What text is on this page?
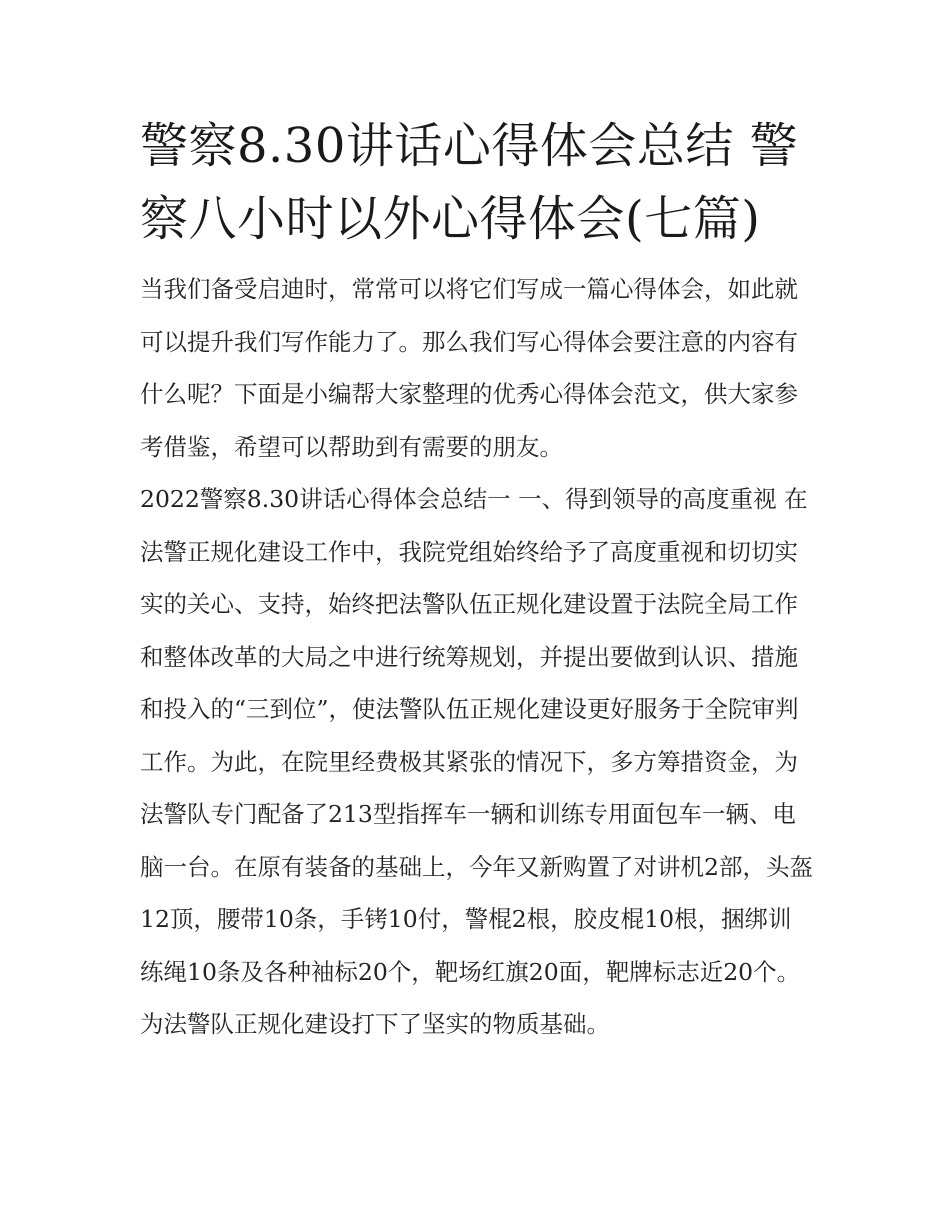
警察8.30讲话心得体会总结 警察八小时以外心得体会(七篇)

当我们备受启迪时，常常可以将它们写成一篇心得体会，如此就可以提升我们写作能力了。那么我们写心得体会要注意的内容有什么呢？下面是小编帮大家整理的优秀心得体会范文，供大家参考借鉴，希望可以帮助到有需要的朋友。

2022警察8.30讲话心得体会总结一 一、得到领导的高度重视 在法警正规化建设工作中，我院党组始终给予了高度重视和切切实实的关心、支持，始终把法警队伍正规化建设置于法院全局工作和整体改革的大局之中进行统筹规划，并提出要做到认识、措施和投入的“三到位”，使法警队伍正规化建设更好服务于全院审判工作。为此，在院里经费极其紧张的情况下，多方筹措资金，为法警队专门配备了213型指挥车一辆和训练专用面包车一辆、电脑一台。在原有装备的基础上，今年又新购置了对讲机2部，头盔12顶，腰带10条，手铐10付，警棍2根，胶皮棍10根，捆绑训练绳10条及各种袖标20个，靶场红旗20面，靶牌标志近20个。为法警队正规化建设打下了坚实的物质基础。
